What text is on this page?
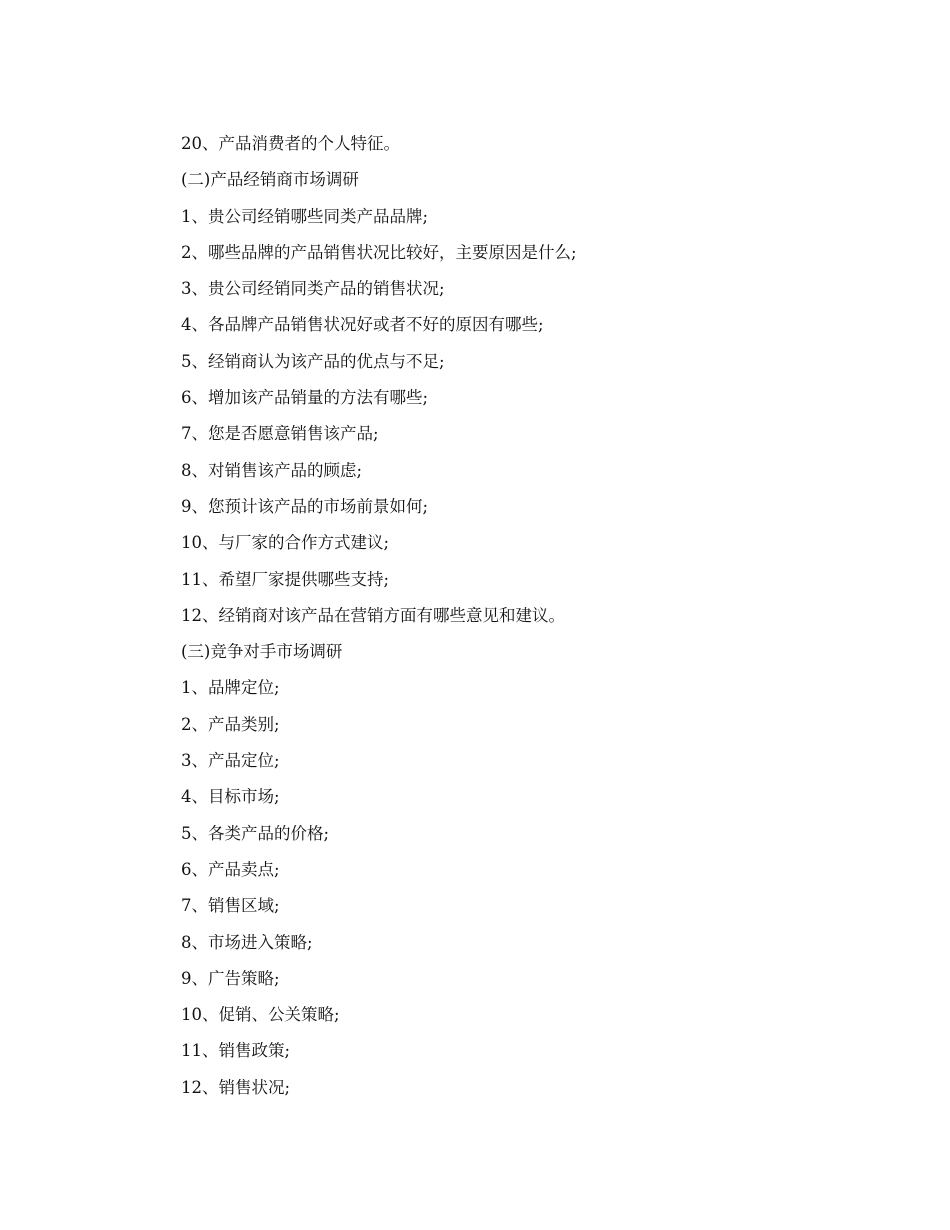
20、产品消费者的个人特征。
(二)产品经销商市场调研
1、贵公司经销哪些同类产品品牌;
2、哪些品牌的产品销售状况比较好，主要原因是什么;
3、贵公司经销同类产品的销售状况;
4、各品牌产品销售状况好或者不好的原因有哪些;
5、经销商认为该产品的优点与不足;
6、增加该产品销量的方法有哪些;
7、您是否愿意销售该产品;
8、对销售该产品的顾虑;
9、您预计该产品的市场前景如何;
10、与厂家的合作方式建议;
11、希望厂家提供哪些支持;
12、经销商对该产品在营销方面有哪些意见和建议。
(三)竞争对手市场调研
1、品牌定位;
2、产品类别;
3、产品定位;
4、目标市场;
5、各类产品的价格;
6、产品卖点;
7、销售区域;
8、市场进入策略;
9、广告策略;
10、促销、公关策略;
11、销售政策;
12、销售状况;
